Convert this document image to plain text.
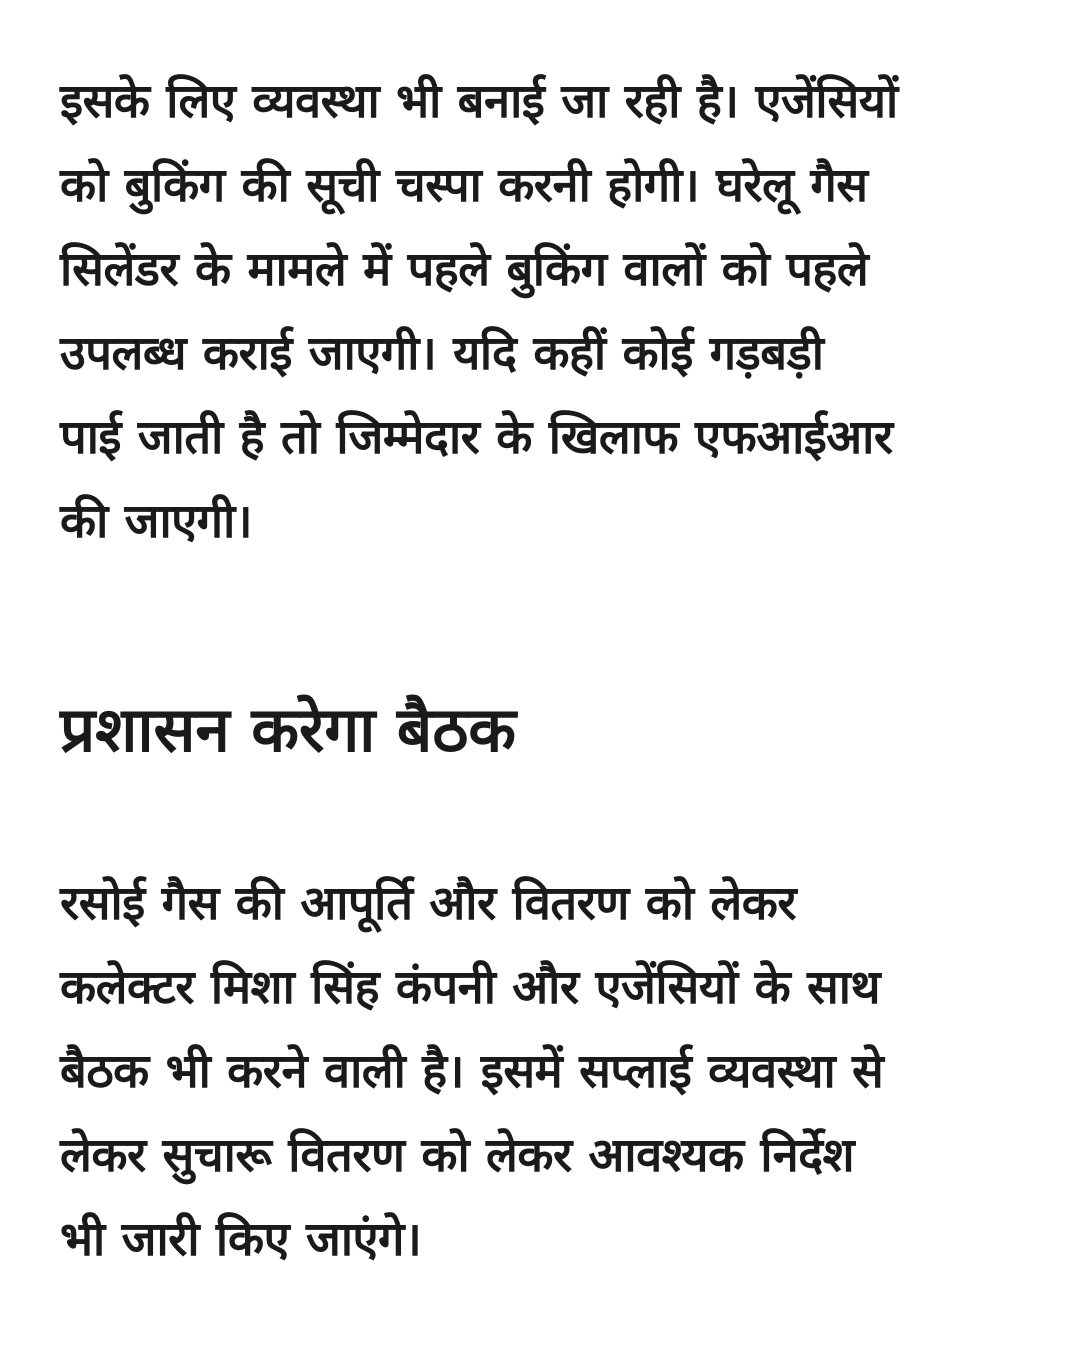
इसके लिए व्यवस्था भी बनाई जा रही है। एजेंसियों
को बुकिंग की सूची चस्पा करनी होगी। घरेलू गैस
सिलेंडर के मामले में पहले बुकिंग वालों को पहले
उपलब्ध कराई जाएगी। यदि कहीं कोई गड़बड़ी
पाई जाती है तो जिम्मेदार के खिलाफ एफआईआर
की जाएगी।

प्रशासन करेगा बैठक

रसोई गैस की आपूर्ति और वितरण को लेकर
कलेक्टर मिशा सिंह कंपनी और एजेंसियों के साथ
बैठक भी करने वाली है। इसमें सप्लाई व्यवस्था से
लेकर सुचारू वितरण को लेकर आवश्यक निर्देश
भी जारी किए जाएंगे।
